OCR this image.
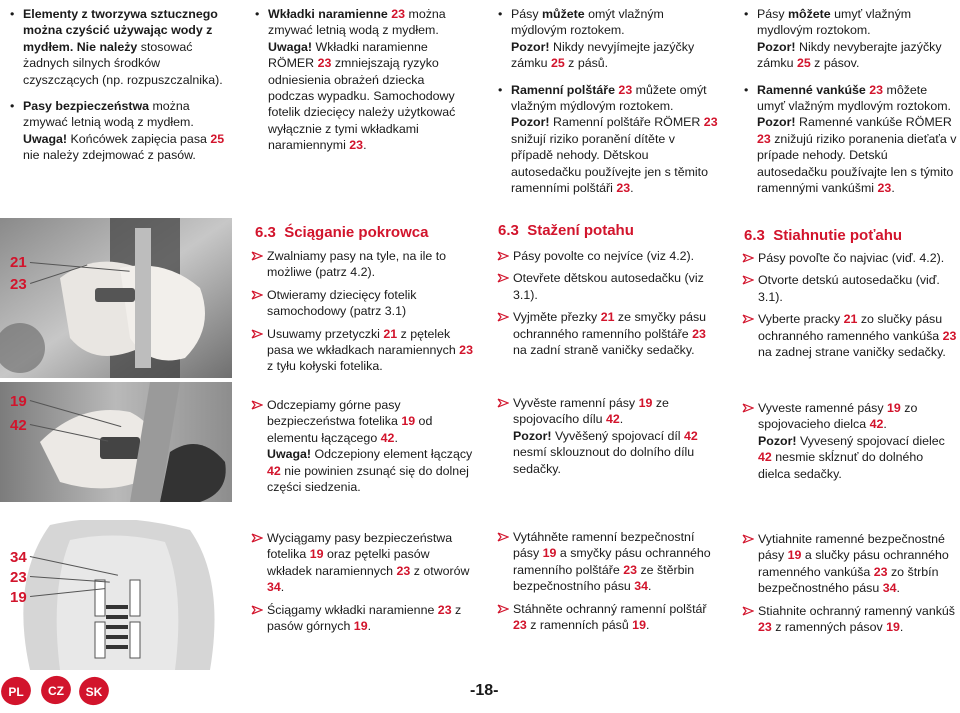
• Elementy z tworzywa sztucznego można czyścić używając wody z mydłem. Nie należy stosować żadnych silnych środków czyszczących (np. rozpuszczalnika).
• Pasy bezpieczeństwa można zmywać letnią wodą z mydłem.
Uwaga! Końcówek zapięcia pasa 25 nie należy zdejmować z pasów.
• Wkładki naramienne 23 można zmywać letnią wodą z mydłem.
Uwaga! Wkładki naramienne RÖMER 23 zmniejszają ryzyko odniesienia obrażeń dziecka podczas wypadku. Samochodowy fotelik dziecięcy należy użytkować wyłącznie z tymi wkładkami naramiennymi 23.
• Pásy můžete omýt vlažným mýdlovým roztokem.
Pozor! Nikdy nevyjímejte jazýčky zámku 25 z pásů.
• Ramenní polštáře 23 můžete omýt vlažným mýdlovým roztokem.
Pozor! Ramenní polštáře RÖMER 23 snižují riziko poranění dítěte v případě nehody. Dětskou autosedačku používejte jen s těmito ramenními polštáři 23.
• Pásy môžete umyť vlažným mydlovým roztokom.
Pozor! Nikdy nevyberajte jazýčky zámku 25 z pásov.
• Ramenné vankúše 23 môžete umyť vlažným mydlovým roztokom.
Pozor! Ramenné vankúše RÖMER 23 znižujú riziko poranenia dieťaťa v prípade nehody. Detskú autosedačku používajte len s týmito ramennými vankúšmi 23.
6.3 Ściąganie pokrowca	6.3 Stažení potahu	6.3 Stiahnutie poťahu
21
23
19
42
34
23
19
Zwalniamy pasy na tyle, na ile to możliwe (patrz 4.2).
Otwieramy dziecięcy fotelik samochodowy (patrz 3.1)
Usuwamy przetyczki 21 z pętelek pasa we wkładkach naramiennych 23 z tyłu kołyski fotelika.
Pásy povolte co nejvíce (viz 4.2).
Otevřete dětskou autosedačku (viz 3.1).
Vyjměte přezky 21 ze smyčky pásu ochranného ramenního polštáře 23 na zadní straně vaničky sedačky.
Pásy povoľte čo najviac (viď. 4.2).
Otvorte detskú autosedačku (viď. 3.1).
Vyberte pracky 21 zo slučky pásu ochranného ramenného vankúša 23 na zadnej strane vaničky sedačky.
Odczepiamy górne pasy bezpieczeństwa fotelika 19 od elementu łączącego 42.
Uwaga! Odczepiony element łączący 42 nie powinien zsunąć się do dolnej części siedzenia.
Vyvěste ramenní pásy 19 ze spojovacího dílu 42.
Pozor! Vyvěšený spojovací díl 42 nesmí sklouznout do dolního dílu sedačky.
Vyveste ramenné pásy 19 zo spojovacieho dielca 42.
Pozor! Vyvesený spojovací dielec 42 nesmie skĺznuť do dolného dielca sedačky.
Wyciągamy pasy bezpieczeństwa fotelika 19 oraz pętelki pasów wkładek naramiennych 23 z otworów 34.
Ściągamy wkładki naramienne 23 z pasów górnych 19.
Vytáhněte ramenní bezpečnostní pásy 19 a smyčky pásu ochranného ramenního polštáře 23 ze štěrbin bezpečnostního pásu 34.
Stáhněte ochranný ramenní polštář 23 z ramenních pásů 19.
Vytiahnite ramenné bezpečnostné pásy 19 a slučky pásu ochranného ramenného vankúša 23 zo štrbín bezpečnostného pásu 34.
Stiahnite ochranný ramenný vankúš 23 z ramenných pásov 19.
PL CZ SK	-18-
